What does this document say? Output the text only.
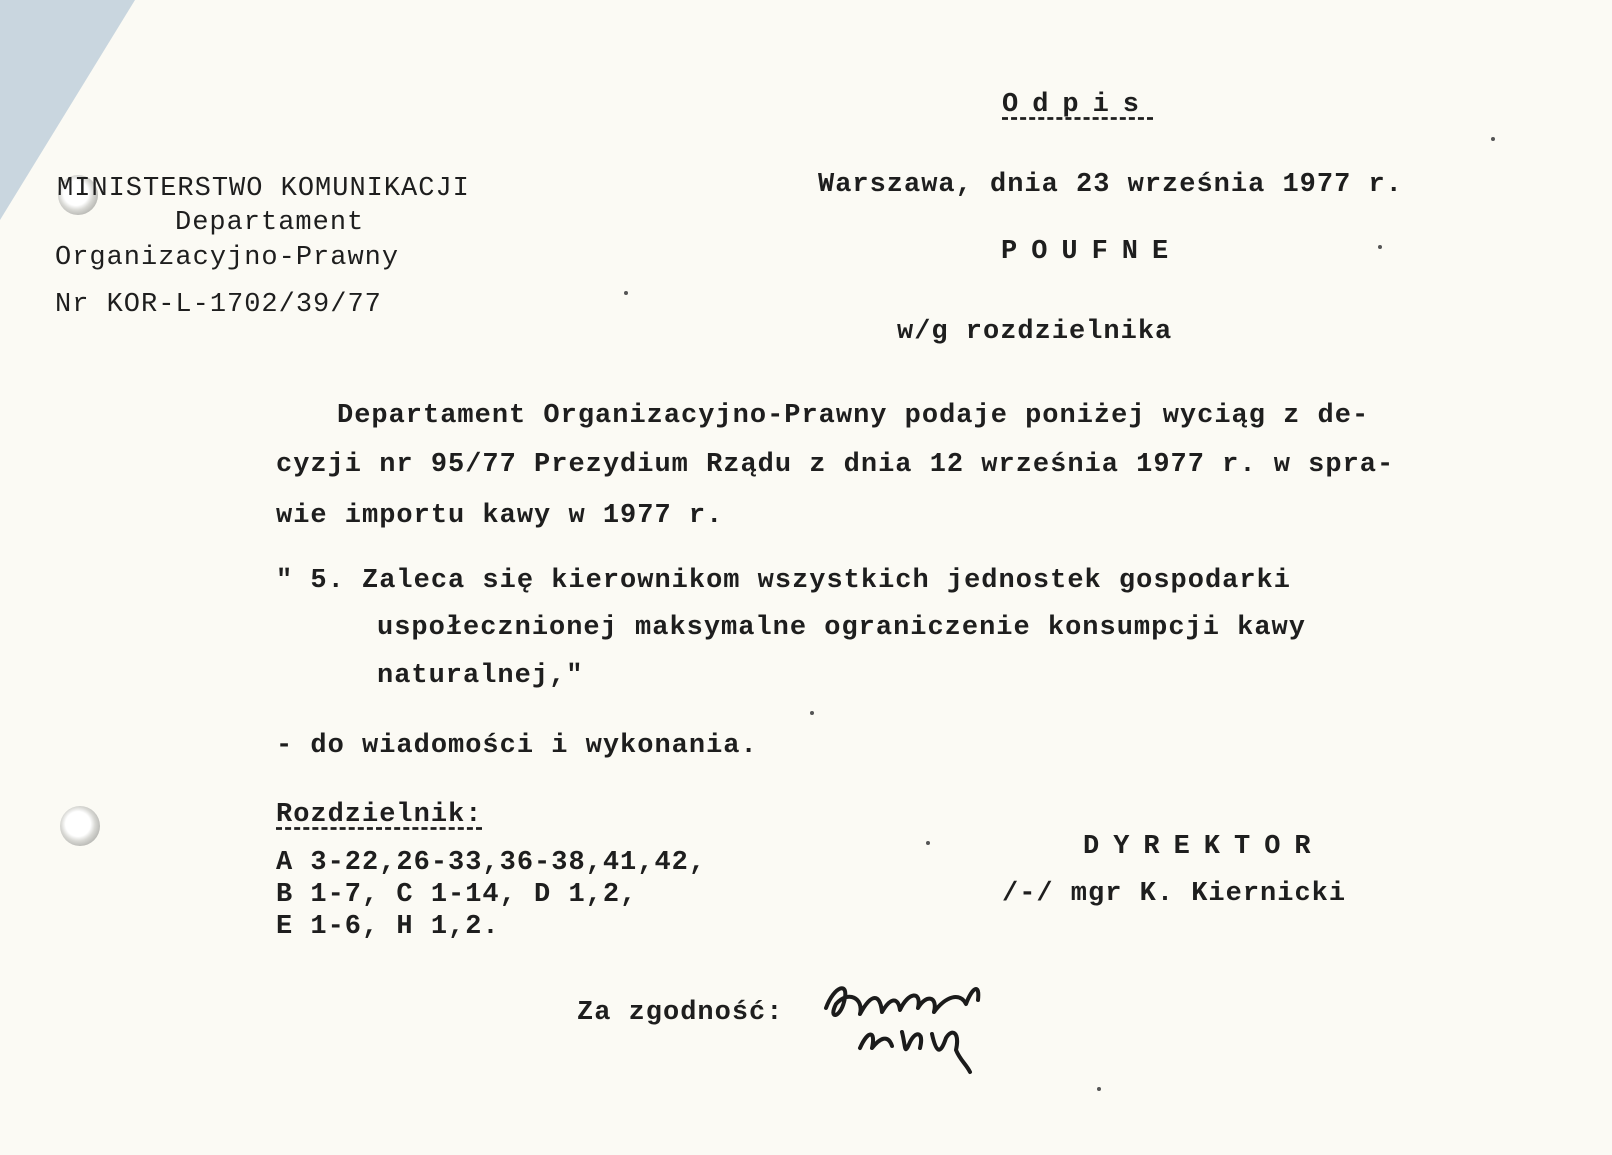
Odpis
MINISTERSTWO KOMUNIKACJI
Departament
Organizacyjno-Prawny
Nr KOR-L-1702/39/77
Warszawa, dnia 23 września 1977 r.
POUFNE
w/g rozdzielnika
Departament Organizacyjno-Prawny podaje poniżej wyciąg z de-
cyzji nr 95/77 Prezydium Rządu z dnia 12 września 1977 r. w spra-
wie importu kawy w 1977 r.
" 5. Zaleca się kierownikom wszystkich jednostek gospodarki
uspołecznionej maksymalne ograniczenie konsumpcji kawy
naturalnej,"
- do wiadomości i wykonania.
Rozdzielnik:
A 3-22,26-33,36-38,41,42,
B 1-7, C 1-14, D 1,2,
E 1-6, H 1,2.
DYREKTOR
/-/ mgr K. Kiernicki
Za zgodność:
